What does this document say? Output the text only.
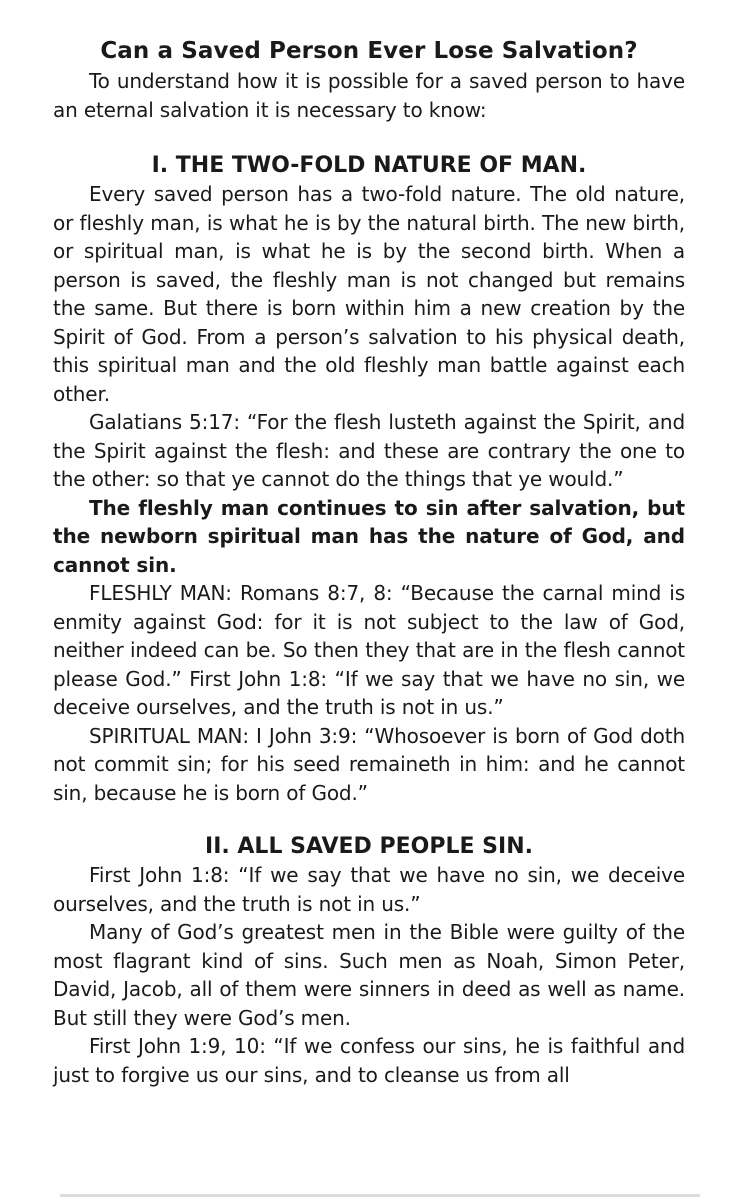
Can a Saved Person Ever Lose Salvation?

To understand how it is possible for a saved person to have an eternal salvation it is necessary to know:

I. THE TWO-FOLD NATURE OF MAN.

Every saved person has a two-fold nature. The old nature, or fleshly man, is what he is by the natural birth. The new birth, or spiritual man, is what he is by the second birth. When a person is saved, the fleshly man is not changed but remains the same. But there is born within him a new creation by the Spirit of God. From a person’s salvation to his physical death, this spiritual man and the old fleshly man battle against each other.

Galatians 5:17: “For the flesh lusteth against the Spirit, and the Spirit against the flesh: and these are contrary the one to the other: so that ye cannot do the things that ye would.”

The fleshly man continues to sin after salvation, but the newborn spiritual man has the nature of God, and cannot sin.

FLESHLY MAN: Romans 8:7, 8: “Because the carnal mind is enmity against God: for it is not subject to the law of God, neither indeed can be. So then they that are in the flesh cannot please God.” First John 1:8: “If we say that we have no sin, we deceive ourselves, and the truth is not in us.”

SPIRITUAL MAN: I John 3:9: “Whosoever is born of God doth not commit sin; for his seed remaineth in him: and he cannot sin, because he is born of God.”

II. ALL SAVED PEOPLE SIN.

First John 1:8: “If we say that we have no sin, we deceive ourselves, and the truth is not in us.”

Many of God’s greatest men in the Bible were guilty of the most flagrant kind of sins. Such men as Noah, Simon Peter, David, Jacob, all of them were sinners in deed as well as name. But still they were God’s men.

First John 1:9, 10: “If we confess our sins, he is faithful and just to forgive us our sins, and to cleanse us from all
